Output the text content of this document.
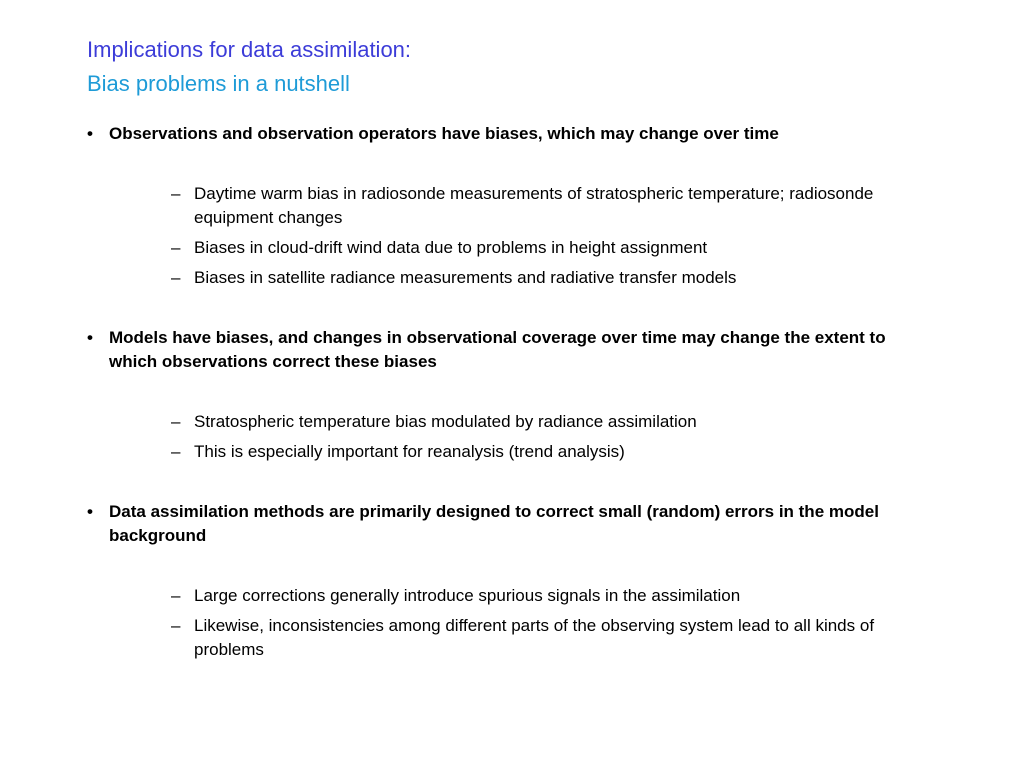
Implications for data assimilation:
Bias problems in a nutshell
• Observations and observation operators have biases, which may change over time
– Daytime warm bias in radiosonde measurements of stratospheric temperature; radiosonde equipment changes
– Biases in cloud-drift wind data due to problems in height assignment
– Biases in satellite radiance measurements and radiative transfer models
• Models have biases, and changes in observational coverage over time may change the extent to which observations correct these biases
– Stratospheric temperature bias modulated by radiance assimilation
– This is especially important for reanalysis (trend analysis)
• Data assimilation methods are primarily designed to correct small (random) errors in the model background
– Large corrections generally introduce spurious signals in the assimilation
– Likewise, inconsistencies among different parts of the observing system lead to all kinds of problems
